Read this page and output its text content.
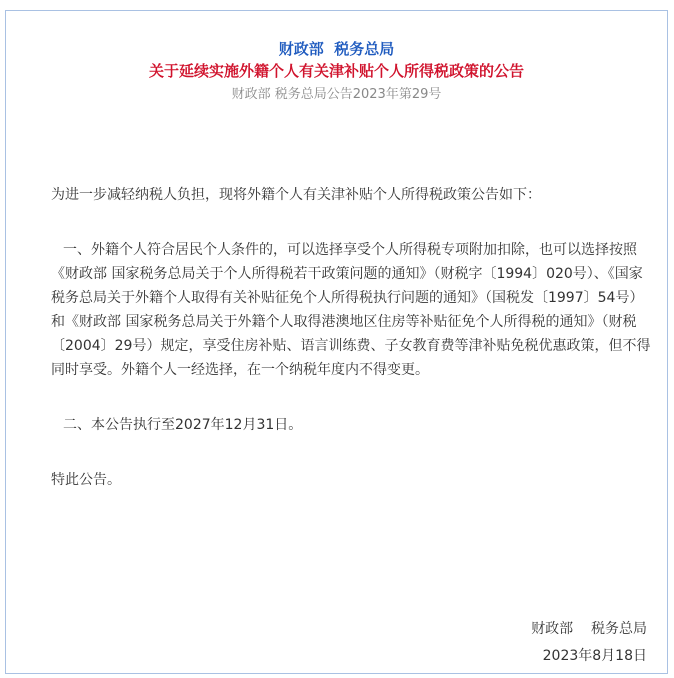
财政部  税务总局
关于延续实施外籍个人有关津补贴个人所得税政策的公告
财政部 税务总局公告2023年第29号

为进一步减轻纳税人负担，现将外籍个人有关津补贴个人所得税政策公告如下：

一、外籍个人符合居民个人条件的，可以选择享受个人所得税专项附加扣除，也可以选择按照《财政部 国家税务总局关于个人所得税若干政策问题的通知》（财税字〔1994〕020号）、《国家税务总局关于外籍个人取得有关补贴征免个人所得税执行问题的通知》（国税发〔1997〕54号）和《财政部 国家税务总局关于外籍个人取得港澳地区住房等补贴征免个人所得税的通知》（财税〔2004〕29号）规定，享受住房补贴、语言训练费、子女教育费等津补贴免税优惠政策，但不得同时享受。外籍个人一经选择，在一个纳税年度内不得变更。

二、本公告执行至2027年12月31日。

特此公告。

财政部    税务总局
2023年8月18日
